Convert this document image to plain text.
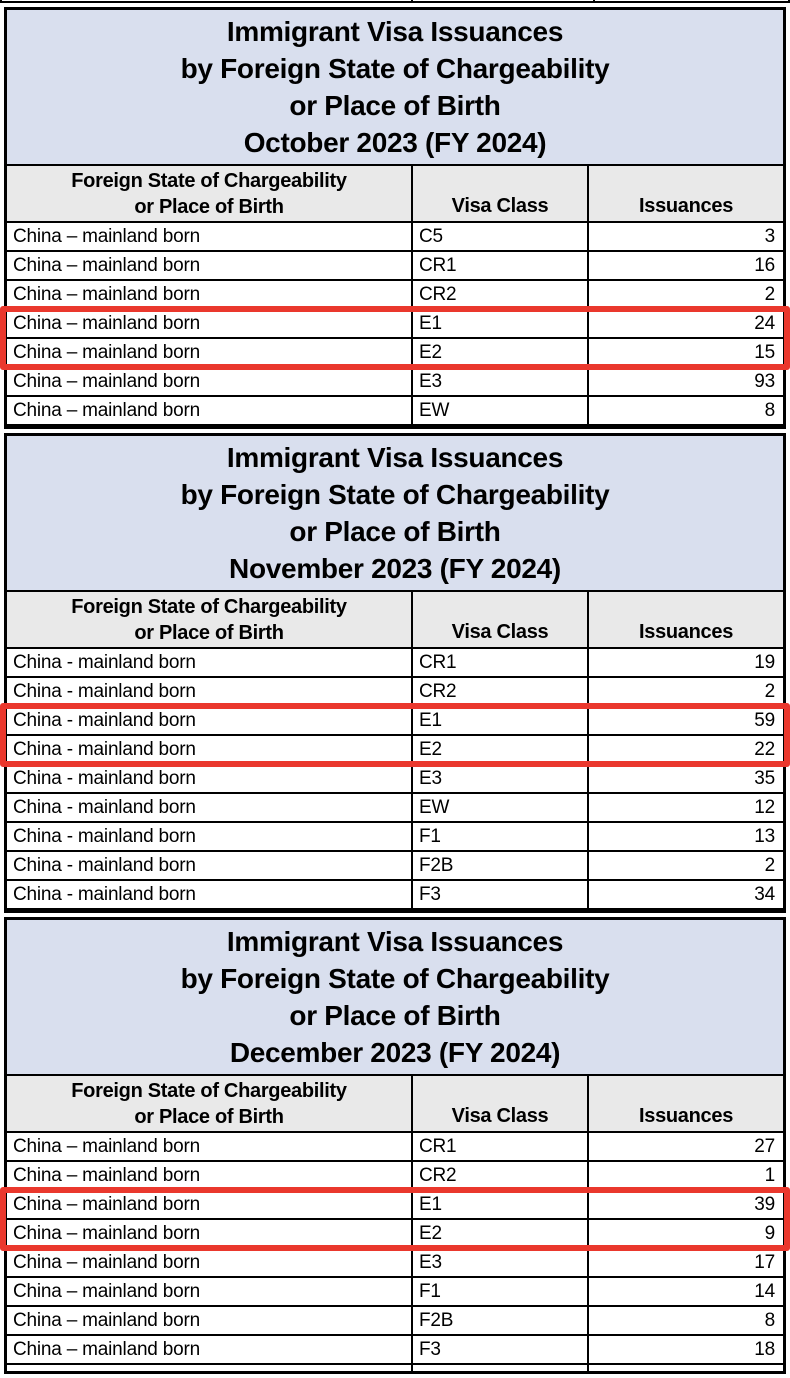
Immigrant Visa Issuances
by Foreign State of Chargeability
or Place of Birth
October 2023 (FY 2024)
Foreign State of Chargeability
or Place of Birth	Visa Class	Issuances
China – mainland born	C5	3
China – mainland born	CR1	16
China – mainland born	CR2	2
China – mainland born	E1	24
China – mainland born	E2	15
China – mainland born	E3	93
China – mainland born	EW	8
Immigrant Visa Issuances
by Foreign State of Chargeability
or Place of Birth
November 2023 (FY 2024)
Foreign State of Chargeability
or Place of Birth	Visa Class	Issuances
China - mainland born	CR1	19
China - mainland born	CR2	2
China - mainland born	E1	59
China - mainland born	E2	22
China - mainland born	E3	35
China - mainland born	EW	12
China - mainland born	F1	13
China - mainland born	F2B	2
China - mainland born	F3	34
Immigrant Visa Issuances
by Foreign State of Chargeability
or Place of Birth
December 2023 (FY 2024)
Foreign State of Chargeability
or Place of Birth	Visa Class	Issuances
China – mainland born	CR1	27
China – mainland born	CR2	1
China – mainland born	E1	39
China – mainland born	E2	9
China – mainland born	E3	17
China – mainland born	F1	14
China – mainland born	F2B	8
China – mainland born	F3	18
